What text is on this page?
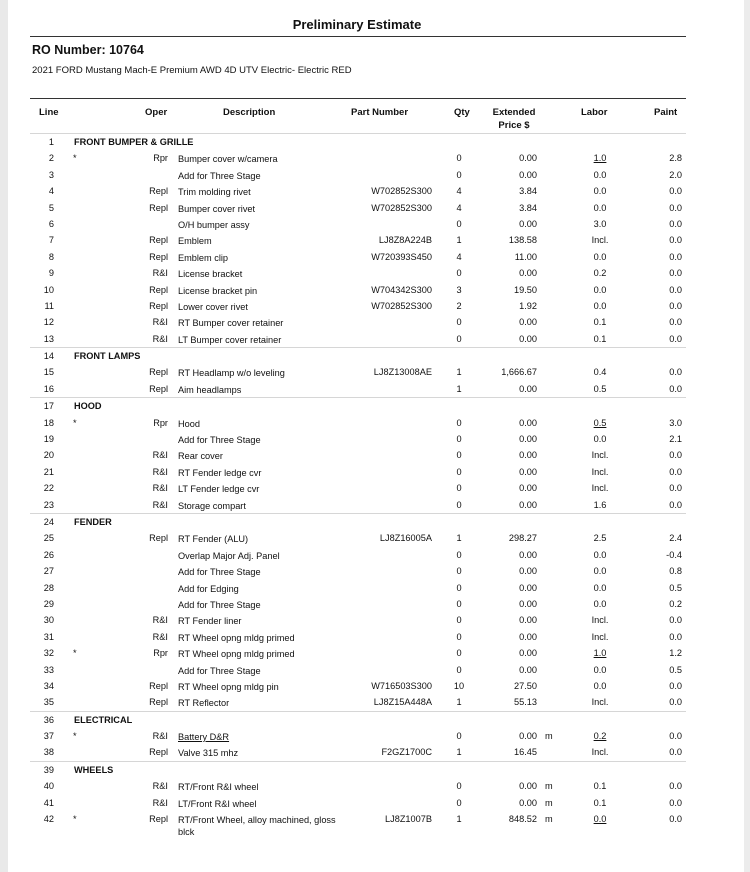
Preliminary Estimate
RO Number: 10764
2021 FORD Mustang Mach-E Premium AWD 4D UTV Electric- Electric RED
Line	Oper	Description	Part Number	Qty	Extended
Price $
Labor	Paint
1 FRONT BUMPER & GRILLE
2 *	Rpr Bumper cover w/camera	0	0.00	1.0	2.8
3	Add for Three Stage	0	0.00	0.0	2.0
4	Repl Trim molding rivet	W702852S300	4	3.84	0.0	0.0
5	Repl Bumper cover rivet	W702852S300	4	3.84	0.0	0.0
6	O/H bumper assy	0	0.00	3.0	0.0
7	Repl Emblem	LJ8Z8A224B	1	138.58	Incl.	0.0
8	Repl Emblem clip	W720393S450	4	11.00	0.0	0.0
9	R&I License bracket	0	0.00	0.2	0.0
10	Repl License bracket pin	W704342S300	3	19.50	0.0	0.0
11	Repl Lower cover rivet	W702852S300	2	1.92	0.0	0.0
12	R&I RT Bumper cover retainer	0	0.00	0.1	0.0
13	R&I LT Bumper cover retainer	0	0.00	0.1	0.0
14 FRONT LAMPS
15	Repl RT Headlamp w/o leveling	LJ8Z13008AE	1	1,666.67	0.4	0.0
16	Repl Aim headlamps	1	0.00	0.5	0.0
17 HOOD
18 *	Rpr Hood	0	0.00	0.5	3.0
19	Add for Three Stage	0	0.00	0.0	2.1
20	R&I Rear cover	0	0.00	Incl.	0.0
21	R&I RT Fender ledge cvr	0	0.00	Incl.	0.0
22	R&I LT Fender ledge cvr	0	0.00	Incl.	0.0
23	R&I Storage compart	0	0.00	1.6	0.0
24 FENDER
25	Repl RT Fender (ALU)	LJ8Z16005A	1	298.27	2.5	2.4
26	Overlap Major Adj. Panel	0	0.00	0.0	-0.4
27	Add for Three Stage	0	0.00	0.0	0.8
28	Add for Edging	0	0.00	0.0	0.5
29	Add for Three Stage	0	0.00	0.0	0.2
30	R&I RT Fender liner	0	0.00	Incl.	0.0
31	R&I RT Wheel opng mldg primed	0	0.00	Incl.	0.0
32 *	Rpr RT Wheel opng mldg primed	0	0.00	1.0	1.2
33	Add for Three Stage	0	0.00	0.0	0.5
34	Repl RT Wheel opng mldg pin	W716503S300	10	27.50	0.0	0.0
35	Repl RT Reflector	LJ8Z15A448A	1	55.13	Incl.	0.0
36 ELECTRICAL
37 *	R&I Battery D&R	0	0.00 m	0.2	0.0
38	Repl Valve 315 mhz	F2GZ1700C	1	16.45	Incl.	0.0
39 WHEELS
40	R&I RT/Front R&I wheel	0	0.00 m	0.1	0.0
41	R&I LT/Front R&I wheel	0	0.00 m	0.1	0.0
42 *	Repl RT/Front Wheel, alloy machined, gloss blck
LJ8Z1007B	1	848.52 m	0.0	0.0
